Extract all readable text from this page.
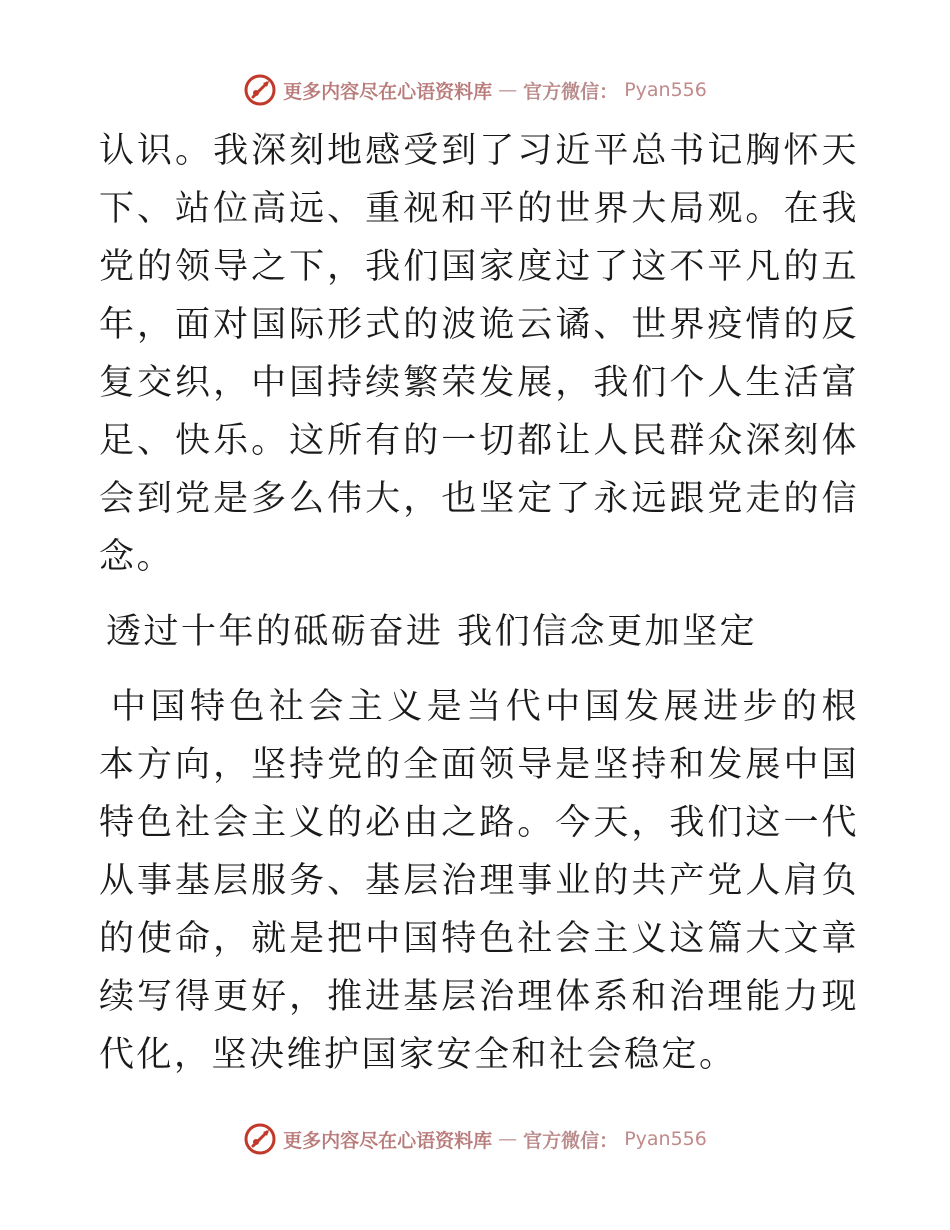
更多内容尽在心语资料库 — 官方微信： Pyan556

认识。我深刻地感受到了习近平总书记胸怀天下、站位高远、重视和平的世界大局观。在我党的领导之下，我们国家度过了这不平凡的五年，面对国际形式的波诡云谲、世界疫情的反复交织，中国持续繁荣发展，我们个人生活富足、快乐。这所有的一切都让人民群众深刻体会到党是多么伟大，也坚定了永远跟党走的信念。

透过十年的砥砺奋进 我们信念更加坚定

中国特色社会主义是当代中国发展进步的根本方向，坚持党的全面领导是坚持和发展中国特色社会主义的必由之路。今天，我们这一代从事基层服务、基层治理事业的共产党人肩负的使命，就是把中国特色社会主义这篇大文章续写得更好，推进基层治理体系和治理能力现代化，坚决维护国家安全和社会稳定。

更多内容尽在心语资料库 — 官方微信： Pyan556
